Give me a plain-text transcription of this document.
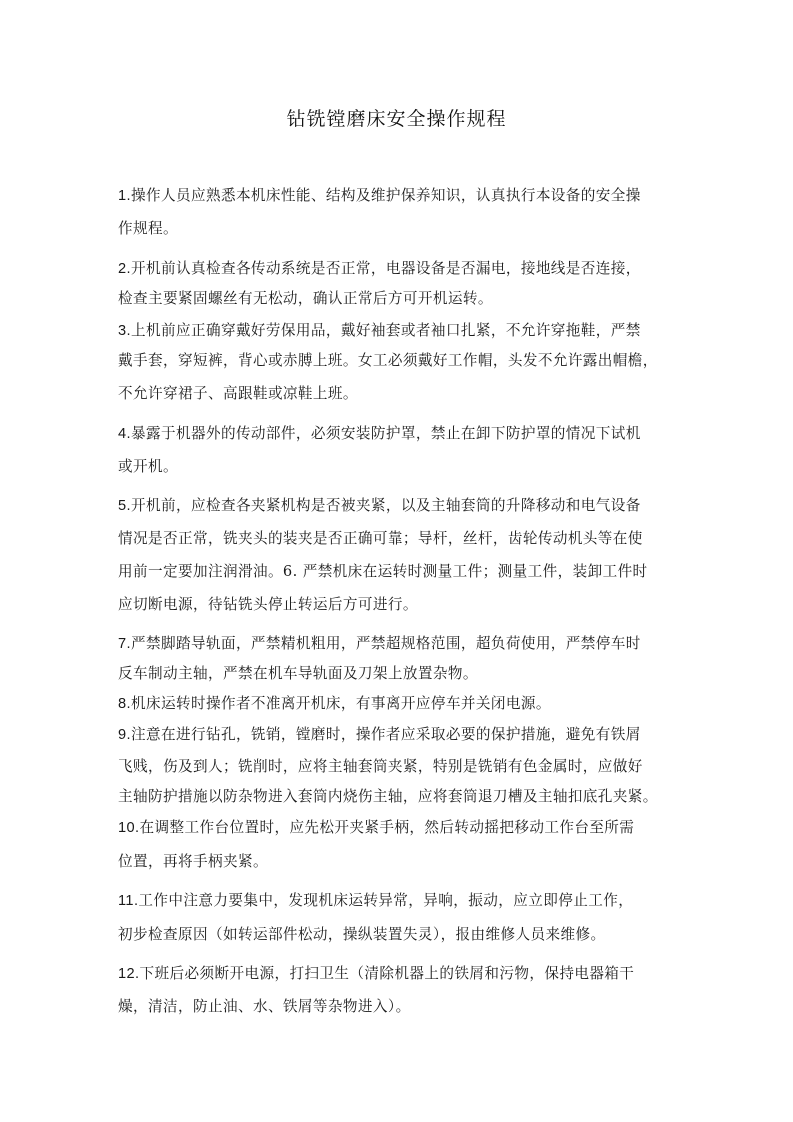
钻铣镗磨床安全操作规程
1.操作人员应熟悉本机床性能、结构及维护保养知识，认真执行本设备的安全操
作规程。
2.开机前认真检查各传动系统是否正常，电器设备是否漏电，接地线是否连接，
检查主要紧固螺丝有无松动，确认正常后方可开机运转。
3.上机前应正确穿戴好劳保用品，戴好袖套或者袖口扎紧，不允许穿拖鞋，严禁
戴手套，穿短裤，背心或赤膊上班。女工必须戴好工作帽，头发不允许露出帽檐，
不允许穿裙子、高跟鞋或凉鞋上班。
4.暴露于机器外的传动部件，必须安装防护罩，禁止在卸下防护罩的情况下试机
或开机。
5.开机前，应检查各夹紧机构是否被夹紧，以及主轴套筒的升降移动和电气设备
情况是否正常，铣夹头的装夹是否正确可靠；导杆，丝杆，齿轮传动机头等在使
用前一定要加注润滑油。6. 严禁机床在运转时测量工件；测量工件，装卸工件时
应切断电源，待钻铣头停止转运后方可进行。
7.严禁脚踏导轨面，严禁精机粗用，严禁超规格范围，超负荷使用，严禁停车时
反车制动主轴，严禁在机车导轨面及刀架上放置杂物。
8.机床运转时操作者不准离开机床，有事离开应停车并关闭电源。
9.注意在进行钻孔，铣销，镗磨时，操作者应采取必要的保护措施，避免有铁屑
飞贱，伤及到人；铣削时，应将主轴套筒夹紧，特别是铣销有色金属时，应做好
主轴防护措施以防杂物进入套筒内烧伤主轴，应将套筒退刀槽及主轴扣底孔夹紧。
10.在调整工作台位置时，应先松开夹紧手柄，然后转动摇把移动工作台至所需
位置，再将手柄夹紧。
11.工作中注意力要集中，发现机床运转异常，异响，振动，应立即停止工作，
初步检查原因（如转运部件松动，操纵装置失灵），报由维修人员来维修。
12.下班后必须断开电源，打扫卫生（清除机器上的铁屑和污物，保持电器箱干
燥，清洁，防止油、水、铁屑等杂物进入）。
